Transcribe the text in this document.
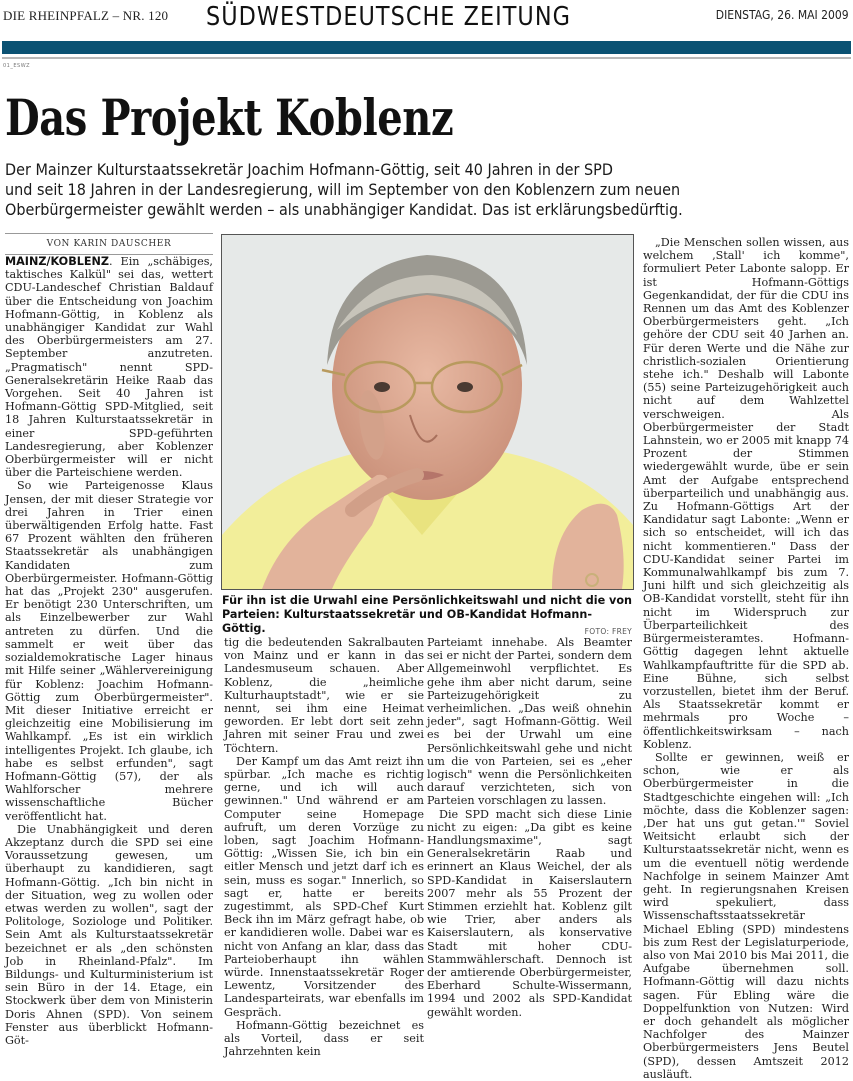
DIE RHEINPFALZ – NR. 120 SÜDWESTDEUTSCHE ZEITUNG	DIENSTAG, 26. MAI 2009
01_ESWZ
Das Projekt Koblenz
Der Mainzer Kulturstaatssekretär Joachim Hofmann-Göttig, seit 40 Jahren in der SPD
und seit 18 Jahren in der Landesregierung, will im September von den Koblenzern zum neuen
Oberbürgermeister gewählt werden – als unabhängiger Kandidat. Das ist erklärungsbedürftig.
VON KARIN DAUSCHER

MAINZ/KOBLENZ. Ein „schäbiges, taktisches Kalkül" sei das, wettert CDU-Landeschef Christian Baldauf über die Entscheidung von Joachim Hofmann-Göttig, in Koblenz als unabhängiger Kandidat zur Wahl des Oberbürgermeisters am 27. September anzutreten. „Pragmatisch" nennt SPD-Generalsekretärin Heike Raab das Vorgehen. Seit 40 Jahren ist Hofmann-Göttig SPD-Mitglied, seit 18 Jahren Kulturstaatssekretär in einer SPD-geführten Landesregierung, aber Koblenzer Oberbürgermeister will er nicht über die Parteischiene werden.

So wie Parteigenosse Klaus Jensen, der mit dieser Strategie vor drei Jahren in Trier einen überwältigenden Erfolg hatte. Fast 67 Prozent wählten den früheren Staatssekretär als unabhängigen Kandidaten zum Oberbürgermeister. Hofmann-Göttig hat das „Projekt 230" ausgerufen. Er benötigt 230 Unterschriften, um als Einzelbewerber zur Wahl antreten zu dürfen. Und die sammelt er weit über das sozialdemokratische Lager hinaus mit Hilfe seiner „Wählervereinigung für Koblenz: Joachim Hofmann-Göttig zum Oberbürgermeister". Mit dieser Initiative erreicht er gleichzeitig eine Mobilisierung im Wahlkampf. „Es ist ein wirklich intelligentes Projekt. Ich glaube, ich habe es selbst erfunden", sagt Hofmann-Göttig (57), der als Wahlforscher mehrere wissenschaftliche Bücher veröffentlicht hat.

Die Unabhängigkeit und deren Akzeptanz durch die SPD sei eine Voraussetzung gewesen, um überhaupt zu kandidieren, sagt Hofmann-Göttig. „Ich bin nicht in der Situation, weg zu wollen oder etwas werden zu wollen", sagt der Politologe, Soziologe und Politiker. Sein Amt als Kulturstaatssekretär bezeichnet er als „den schönsten Job in Rheinland-Pfalz". Im Bildungs- und Kulturministerium ist sein Büro in der 14. Etage, ein Stockwerk über dem von Ministerin Doris Ahnen (SPD). Von seinem Fenster aus überblickt Hofmann-Göt-

Für ihn ist die Urwahl eine Persönlichkeitswahl und nicht die von Parteien: Kulturstaatssekretär und OB-Kandidat Hofmann-Göttig.	FOTO: FREY

tig die bedeutenden Sakralbauten von Mainz und er kann in das Landesmuseum schauen. Aber Koblenz, die „heimliche Kulturhauptstadt", wie er sie nennt, sei ihm eine Heimat geworden. Er lebt dort seit zehn Jahren mit seiner Frau und zwei Töchtern.

Der Kampf um das Amt reizt ihn spürbar. „Ich mache es richtig gerne, und ich will auch gewinnen." Und während er am Computer seine Homepage aufruft, um deren Vorzüge zu loben, sagt Joachim Hofmann-Göttig: „Wissen Sie, ich bin ein eitler Mensch und jetzt darf ich es sein, muss es sogar." Innerlich, so sagt er, hatte er bereits zugestimmt, als SPD-Chef Kurt Beck ihn im März gefragt habe, ob er kandidieren wolle. Dabei war es nicht von Anfang an klar, dass das Parteioberhaupt ihn wählen würde. Innenstaatssekretär Roger Lewentz, Vorsitzender des Landesparteirats, war ebenfalls im Gespräch.

Hofmann-Göttig bezeichnet es als Vorteil, dass er seit Jahrzehnten kein

Parteiamt innehabe. Als Beamter sei er nicht der Partei, sondern dem Allgemeinwohl verpflichtet. Es gehe ihm aber nicht darum, seine Parteizugehörigkeit zu verheimlichen. „Das weiß ohnehin jeder", sagt Hofmann-Göttig. Weil es bei der Urwahl um eine Persönlichkeitswahl gehe und nicht um die von Parteien, sei es „eher logisch" wenn die Persönlichkeiten darauf verzichteten, sich von Parteien vorschlagen zu lassen.

Die SPD macht sich diese Linie nicht zu eigen: „Da gibt es keine Handlungsmaxime", sagt Generalsekretärin Raab und erinnert an Klaus Weichel, der als SPD-Kandidat in Kaiserslautern 2007 mehr als 55 Prozent der Stimmen erziehlt hat. Koblenz gilt wie Trier, aber anders als Kaiserslautern, als konservative Stadt mit hoher CDU-Stammwählerschaft. Dennoch ist der amtierende Oberbürgermeister, Eberhard Schulte-Wissermann, 1994 und 2002 als SPD-Kandidat gewählt worden.

„Die Menschen sollen wissen, aus welchem ‚Stall' ich komme", formuliert Peter Labonte salopp. Er ist Hofmann-Göttigs Gegenkandidat, der für die CDU ins Rennen um das Amt des Koblenzer Oberbürgermeisters geht. „Ich gehöre der CDU seit 40 Jarhen an. Für deren Werte und die Nähe zur christlich-sozialen Orientierung stehe ich." Deshalb will Labonte (55) seine Parteizugehörigkeit auch nicht auf dem Wahlzettel verschweigen. Als Oberbürgermeister der Stadt Lahnstein, wo er 2005 mit knapp 74 Prozent der Stimmen wiedergewählt wurde, übe er sein Amt der Aufgabe entsprechend überparteilich und unabhängig aus. Zu Hofmann-Göttigs Art der Kandidatur sagt Labonte: „Wenn er sich so entscheidet, will ich das nicht kommentieren." Dass der CDU-Kandidat seiner Partei im Kommunalwahlkampf bis zum 7. Juni hilft und sich gleichzeitig als OB-Kandidat vorstellt, steht für ihn nicht im Widerspruch zur Überparteilichkeit des Bürgermeisteramtes. Hofmann-Göttig dagegen lehnt aktuelle Wahlkampfauftritte für die SPD ab. Eine Bühne, sich selbst vorzustellen, bietet ihm der Beruf. Als Staatssekretär kommt er mehrmals pro Woche – öffentlichkeitswirksam – nach Koblenz.

Sollte er gewinnen, weiß er schon, wie er als Oberbürgermeister in die Stadtgeschichte eingehen will: „Ich möchte, dass die Koblenzer sagen: ‚Der hat uns gut getan.'" Soviel Weitsicht erlaubt sich der Kulturstaatssekretär nicht, wenn es um die eventuell nötig werdende Nachfolge in seinem Mainzer Amt geht. In regierungsnahen Kreisen wird spekuliert, dass Wissenschaftsstaatssekretär Michael Ebling (SPD) mindestens bis zum Rest der Legislaturperiode, also von Mai 2010 bis Mai 2011, die Aufgabe übernehmen soll. Hofmann-Göttig will dazu nichts sagen. Für Ebling wäre die Doppelfunktion von Nutzen: Wird er doch gehandelt als möglicher Nachfolger des Mainzer Oberbürgermeisters Jens Beutel (SPD), dessen Amtszeit 2012 ausläuft.
